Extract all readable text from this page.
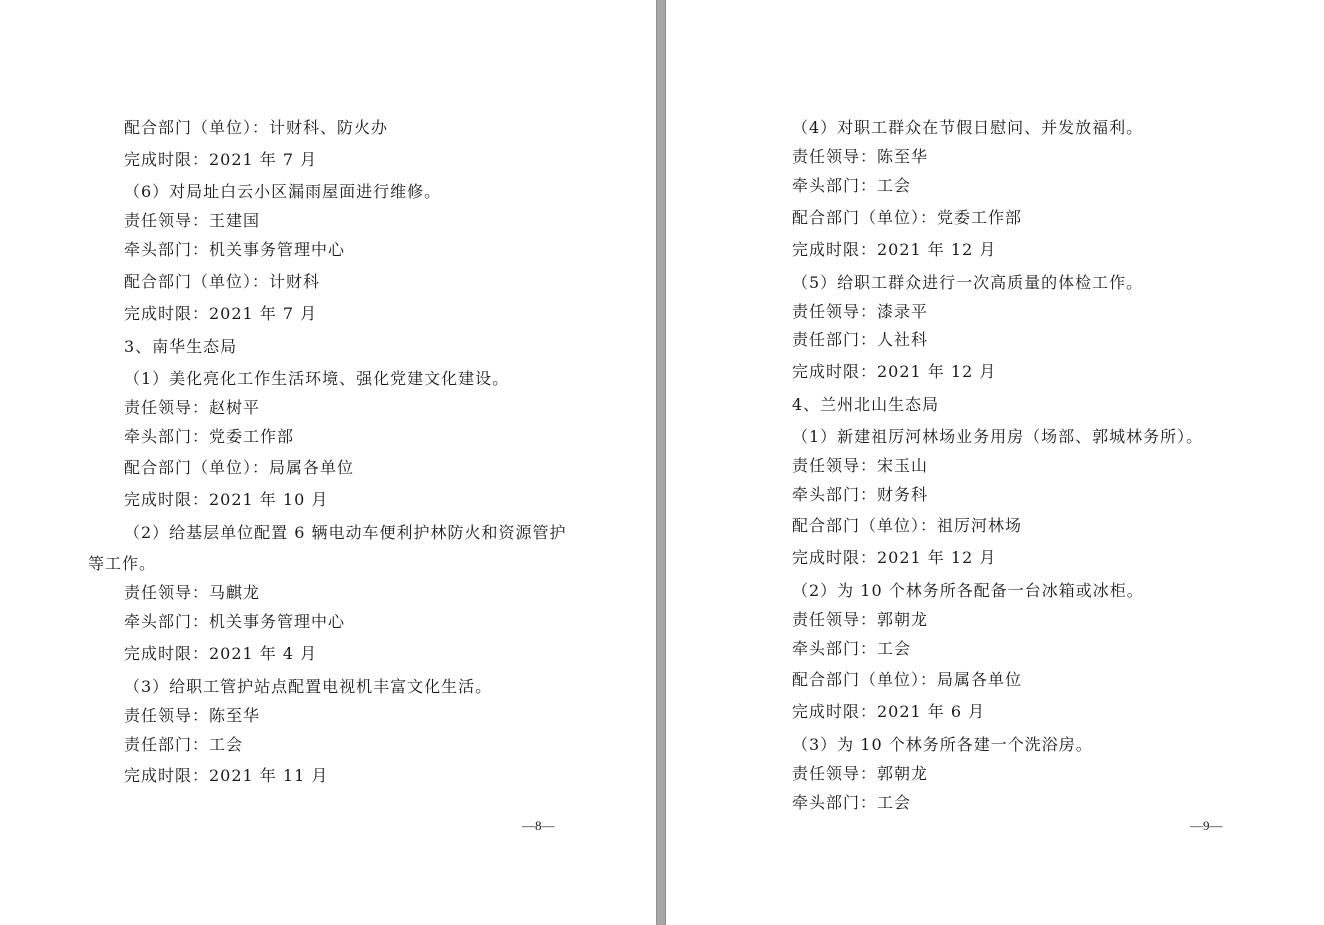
配合部门（单位）：计财科、防火办
完成时限：2021 年 7 月
（6）对局址白云小区漏雨屋面进行维修。
责任领导：王建国
牵头部门：机关事务管理中心
配合部门（单位）：计财科
完成时限：2021 年 7 月
3、南华生态局
（1）美化亮化工作生活环境、强化党建文化建设。
责任领导：赵树平
牵头部门：党委工作部
配合部门（单位）：局属各单位
完成时限：2021 年 10 月
（2）给基层单位配置 6 辆电动车便利护林防火和资源管护
等工作。
责任领导：马麒龙
牵头部门：机关事务管理中心
完成时限：2021 年 4 月
（3）给职工管护站点配置电视机丰富文化生活。
责任领导：陈至华
责任部门：工会
完成时限：2021 年 11 月
—8—
（4）对职工群众在节假日慰问、并发放福利。
责任领导：陈至华
牵头部门：工会
配合部门（单位）：党委工作部
完成时限：2021 年 12 月
（5）给职工群众进行一次高质量的体检工作。
责任领导：漆录平
责任部门：人社科
完成时限：2021 年 12 月
4、兰州北山生态局
（1）新建祖厉河林场业务用房（场部、郭城林务所）。
责任领导：宋玉山
牵头部门：财务科
配合部门（单位）：祖厉河林场
完成时限：2021 年 12 月
（2）为 10 个林务所各配备一台冰箱或冰柜。
责任领导：郭朝龙
牵头部门：工会
配合部门（单位）：局属各单位
完成时限：2021 年 6 月
（3）为 10 个林务所各建一个洗浴房。
责任领导：郭朝龙
牵头部门：工会
—9—
